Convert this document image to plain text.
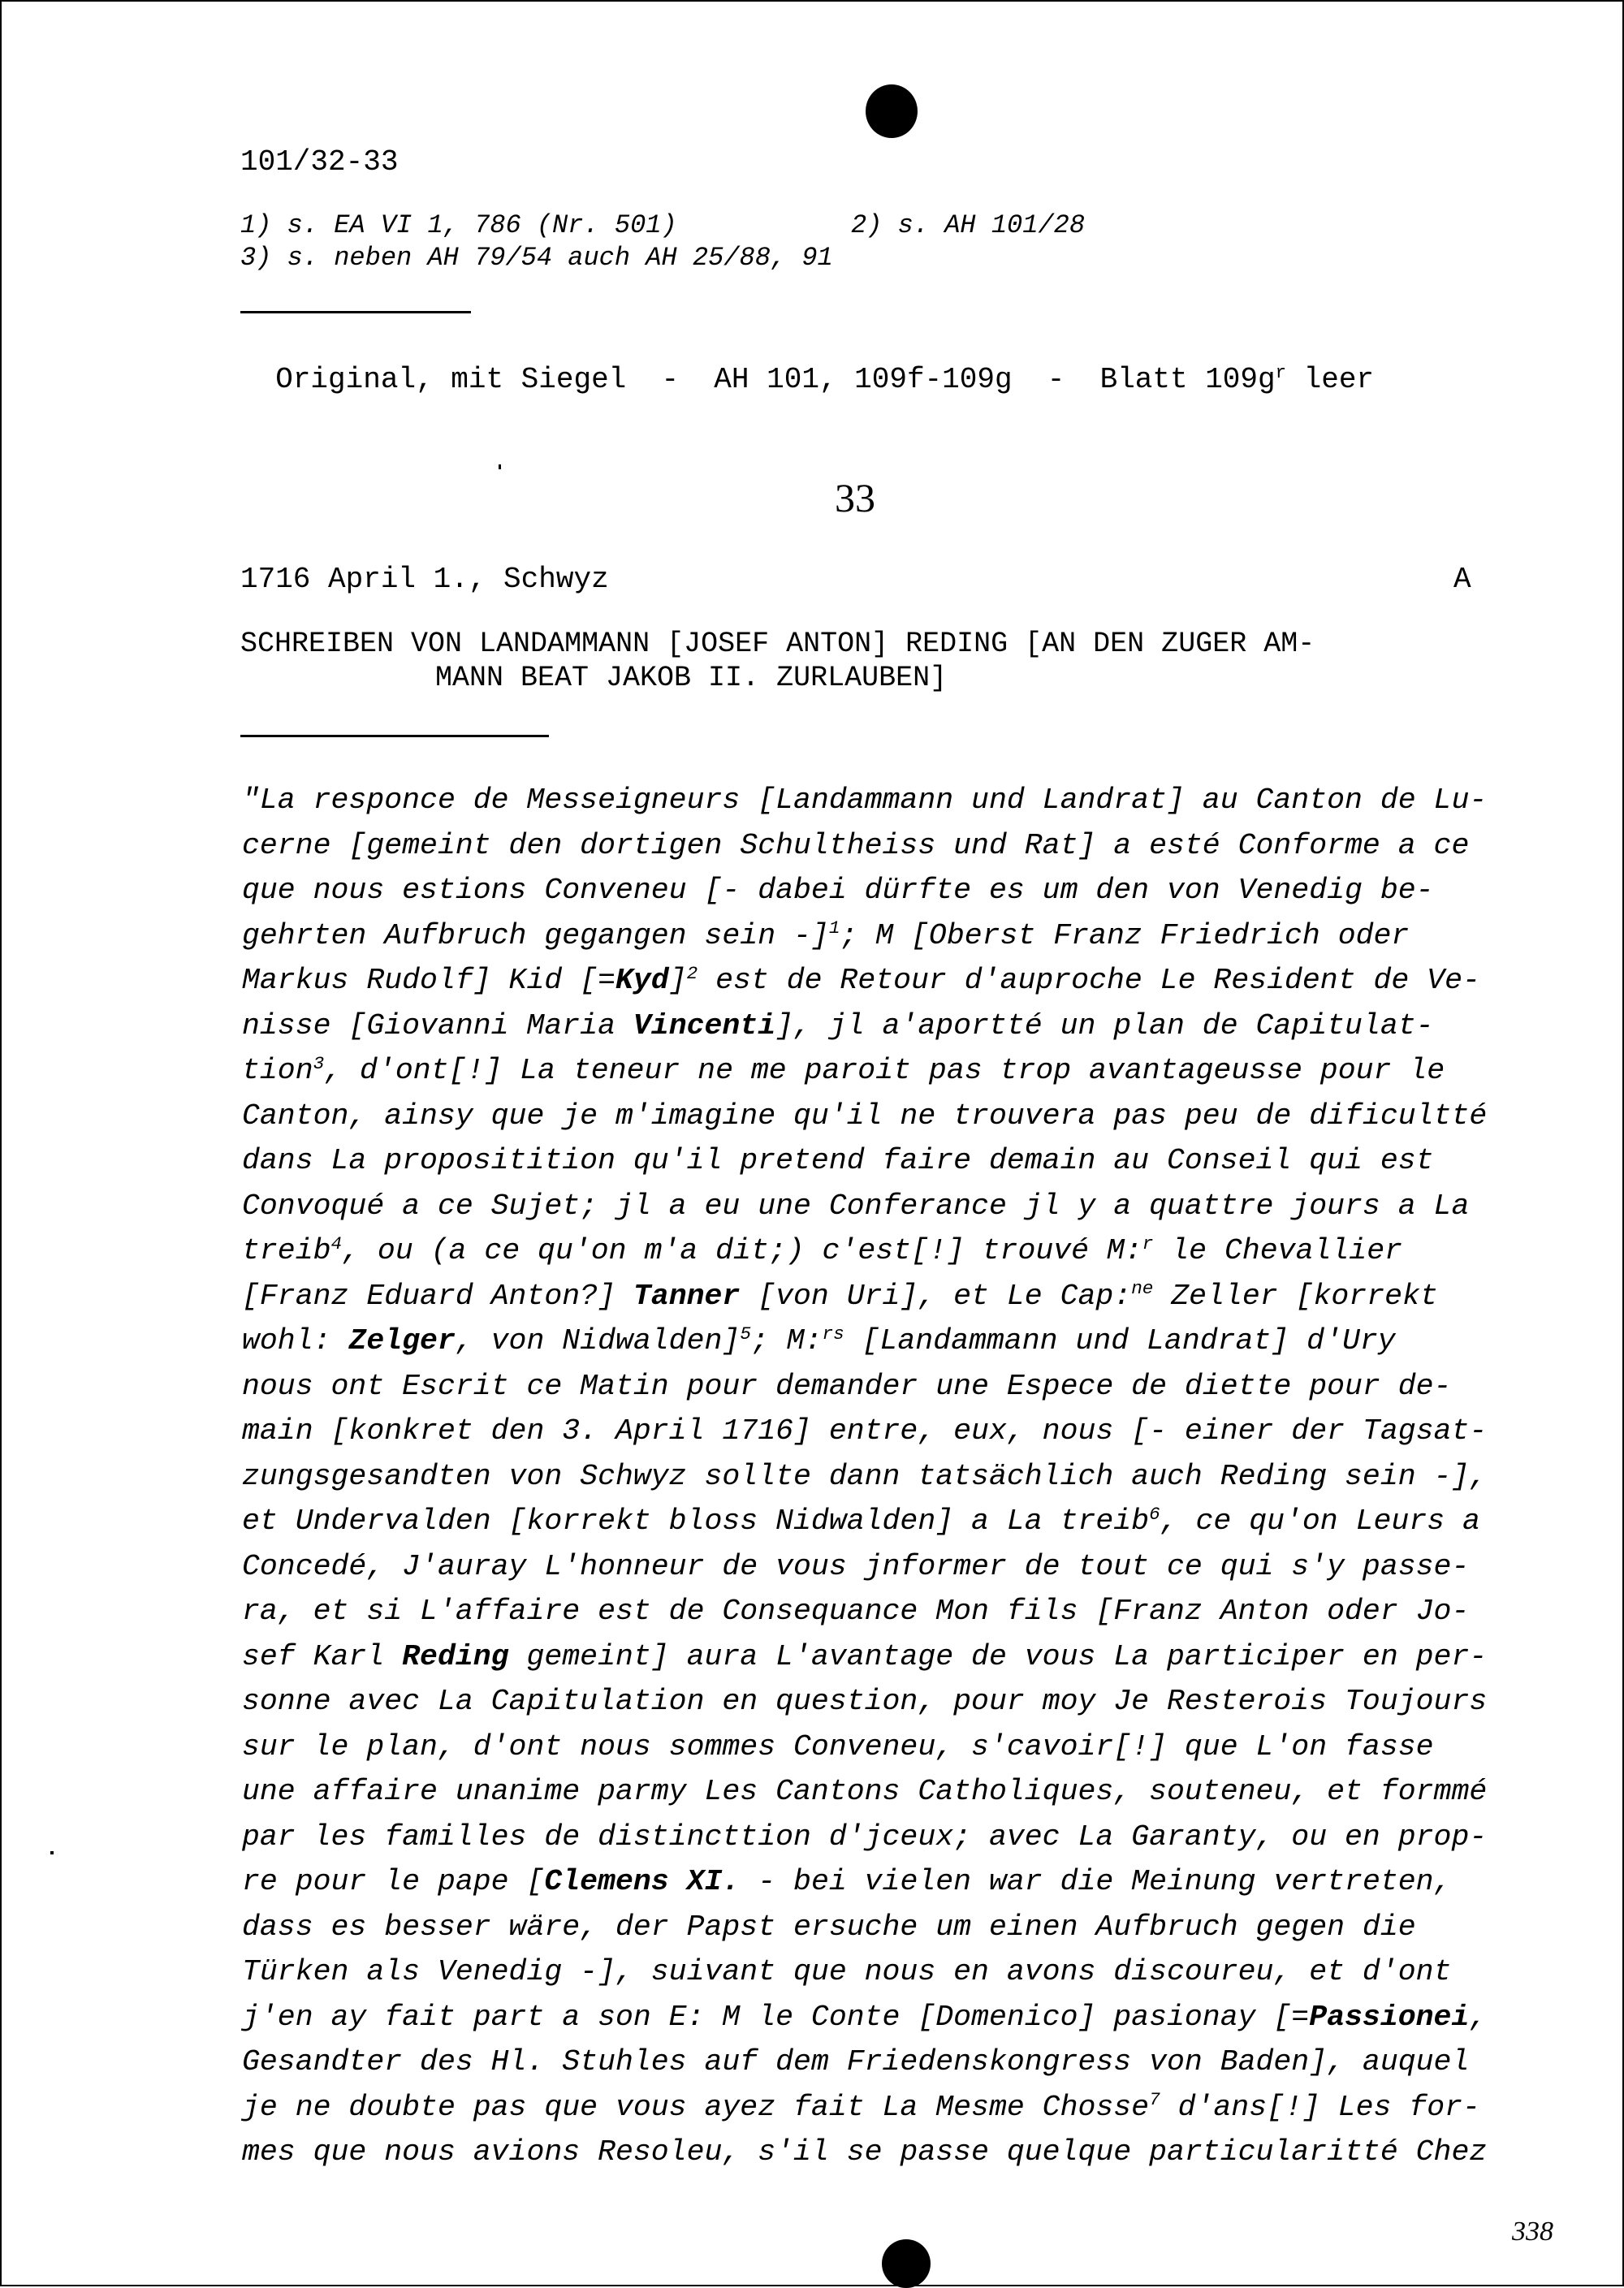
101/32-33
1) s. EA VI 1, 786 (Nr. 501)	2) s. AH 101/28
3) s. neben AH 79/54 auch AH 25/88, 91

Original, mit Siegel  -  AH 101, 109f-109g  -  Blatt $109g^r$ leer

33
1716 April 1., Schwyz	A
SCHREIBEN VON LANDAMMANN [JOSEF ANTON] REDING [AN DEN ZUGER AM-
MANN BEAT JAKOB II. ZURLAUBEN]
"La responce de Messeigneurs [Landammann und Landrat] au Canton de Lu-
cerne [gemeint den dortigen Schultheiss und Rat] a esté Conforme a ce
que nous estions Conveneu [- dabei dürfte es um den von Venedig be-
gehrten Aufbruch gegangen sein -]$^1$; M [Oberst Franz Friedrich oder
Markus Rudolf] Kid [=Kyd]$^2$ est de Retour d'auproche Le Resident de Ve-
nisse [Giovanni Maria Vincenti], jl a'aportté un plan de Capitulat-
tion$^3$, d'ont[!] La teneur ne me paroit pas trop avantageusse pour le
Canton, ainsy que je m'imagine qu'il ne trouvera pas peu de dificultté
dans La propositition qu'il pretend faire demain au Conseil qui est
Convoqué a ce Sujet; jl a eu une Conferance jl y a quattre jours a La
treib$^4$, ou (a ce qu'on m'a dit;) c'est[!] trouvé M:$^r$ le Chevallier
[Franz Eduard Anton?] Tanner [von Uri], et Le Cap:$^{ne}$ Zeller [korrekt
wohl: Zelger, von Nidwalden]$^5$; M:$^{rs}$ [Landammann und Landrat] d'Ury
nous ont Escrit ce Matin pour demander une Espece de diette pour de-
main [konkret den 3. April 1716] entre, eux, nous [- einer der Tagsat-
zungsgesandten von Schwyz sollte dann tatsächlich auch Reding sein -],
et Undervalden [korrekt bloss Nidwalden] a La treib$^6$, ce qu'on Leurs a
Concedé, J'auray L'honneur de vous jnformer de tout ce qui s'y passe-
ra, et si L'affaire est de Consequance Mon fils [Franz Anton oder Jo-
sef Karl Reding gemeint] aura L'avantage de vous La participer en per-
sonne avec La Capitulation en question, pour moy Je Resterois Toujours
sur le plan, d'ont nous sommes Conveneu, s'cavoir[!] que L'on fasse
une affaire unanime parmy Les Cantons Catholiques, souteneu, et formmé
par les familles de distincttion d'jceux; avec La Garanty, ou en prop-
re pour le pape [Clemens XI. - bei vielen war die Meinung vertreten,
dass es besser wäre, der Papst ersuche um einen Aufbruch gegen die
Türken als Venedig -], suivant que nous en avons discoureu, et d'ont
j'en ay fait part a son E: M le Conte [Domenico] pasionay [=Passionei,
Gesandter des Hl. Stuhles auf dem Friedenskongress von Baden], auquel
je ne doubte pas que vous ayez fait La Mesme Chosse$^7$ d'ans[!] Les for-
mes que nous avions Resoleu, s'il se passe quelque particularitté Chez
338
